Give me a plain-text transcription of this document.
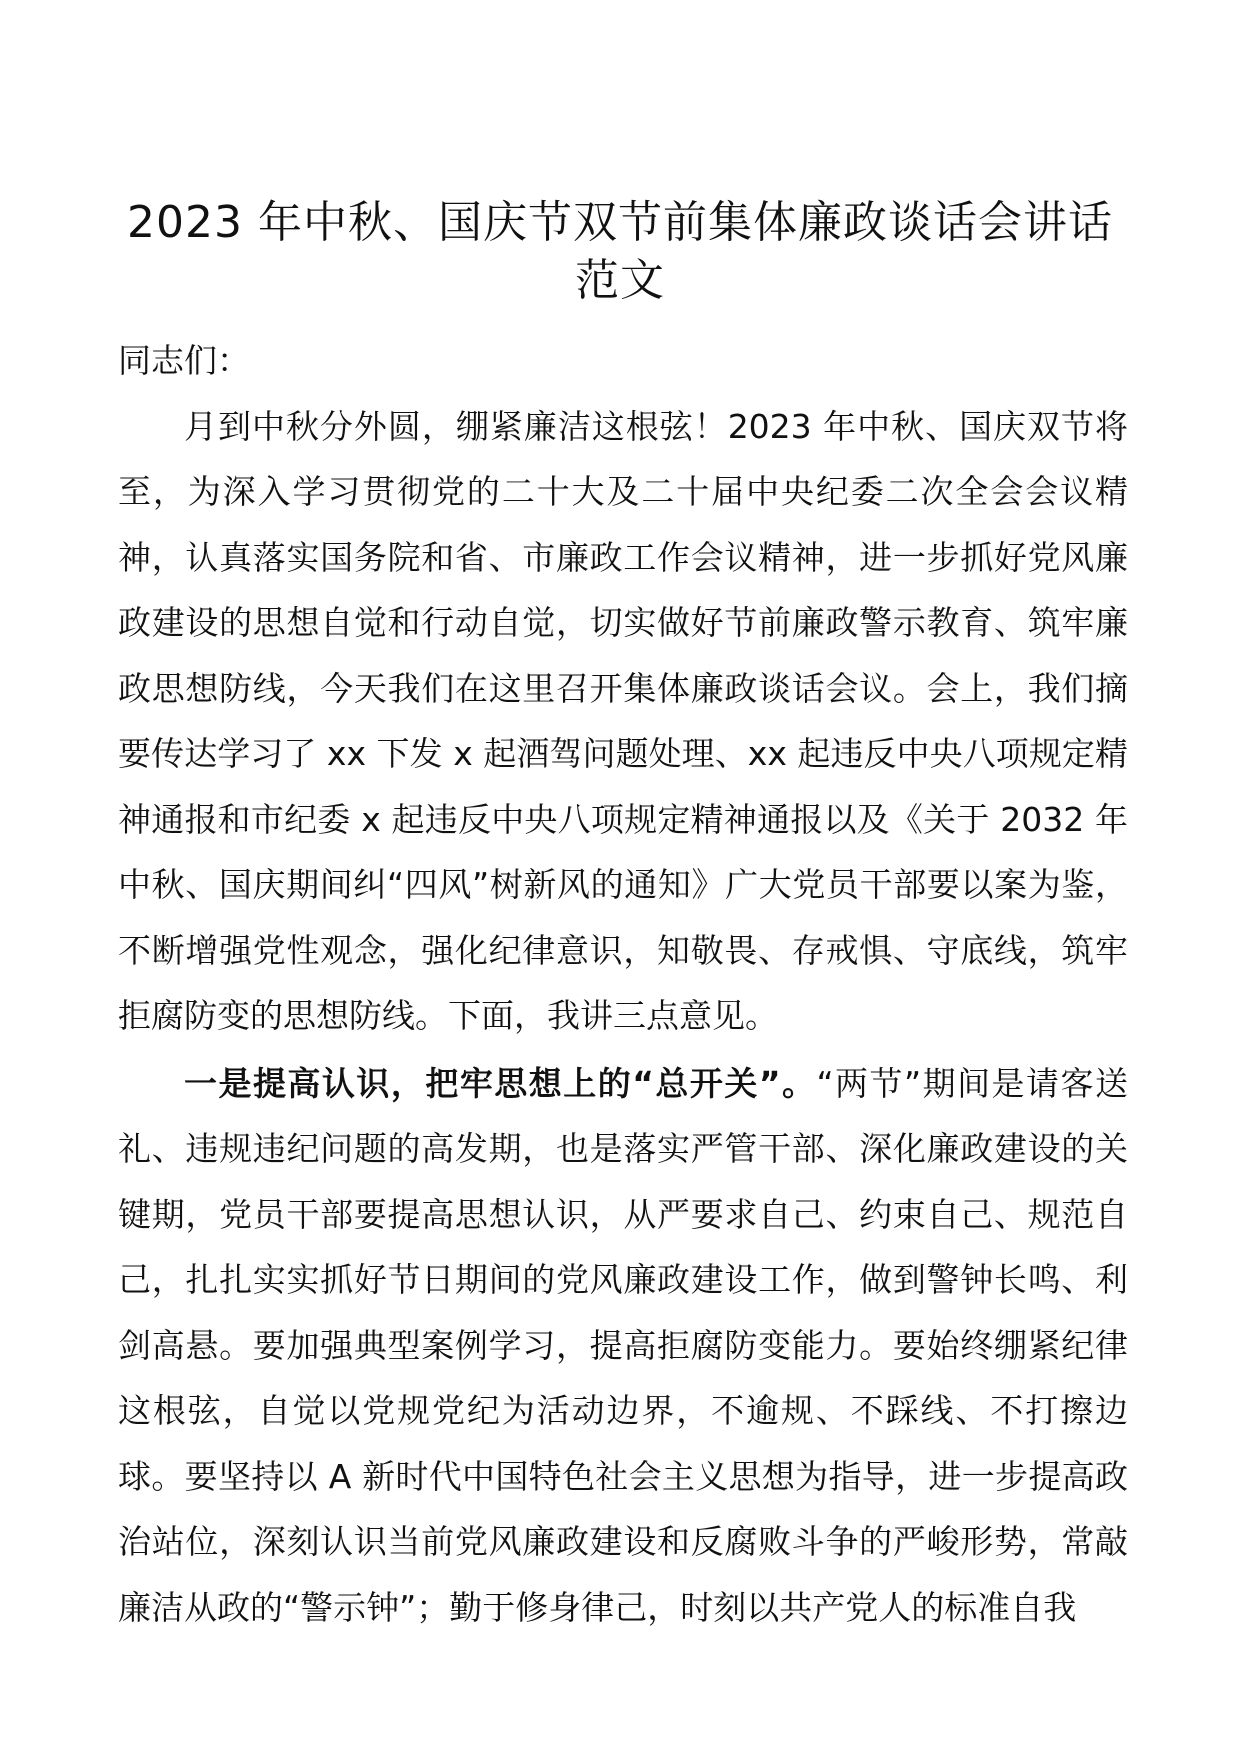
2023 年中秋、国庆节双节前集体廉政谈话会讲话
范文

同志们：

月到中秋分外圆，绷紧廉洁这根弦！2023 年中秋、国庆双节将至，为深入学习贯彻党的二十大及二十届中央纪委二次全会会议精神，认真落实国务院和省、市廉政工作会议精神，进一步抓好党风廉政建设的思想自觉和行动自觉，切实做好节前廉政警示教育、筑牢廉政思想防线，今天我们在这里召开集体廉政谈话会议。会上，我们摘要传达学习了 xx 下发 x 起酒驾问题处理、xx 起违反中央八项规定精神通报和市纪委 x 起违反中央八项规定精神通报以及《关于 2032 年中秋、国庆期间纠“四风”树新风的通知》广大党员干部要以案为鉴，不断增强党性观念，强化纪律意识，知敬畏、存戒惧、守底线，筑牢拒腐防变的思想防线。下面，我讲三点意见。

一是提高认识，把牢思想上的“总开关”。“两节”期间是请客送礼、违规违纪问题的高发期，也是落实严管干部、深化廉政建设的关键期，党员干部要提高思想认识，从严要求自己、约束自己、规范自己，扎扎实实抓好节日期间的党风廉政建设工作，做到警钟长鸣、利剑高悬。要加强典型案例学习，提高拒腐防变能力。要始终绷紧纪律这根弦，自觉以党规党纪为活动边界，不逾规、不踩线、不打擦边球。要坚持以 A 新时代中国特色社会主义思想为指导，进一步提高政治站位，深刻认识当前党风廉政建设和反腐败斗争的严峻形势，常敲廉洁从政的“警示钟”；勤于修身律己，时刻以共产党人的标准自我
